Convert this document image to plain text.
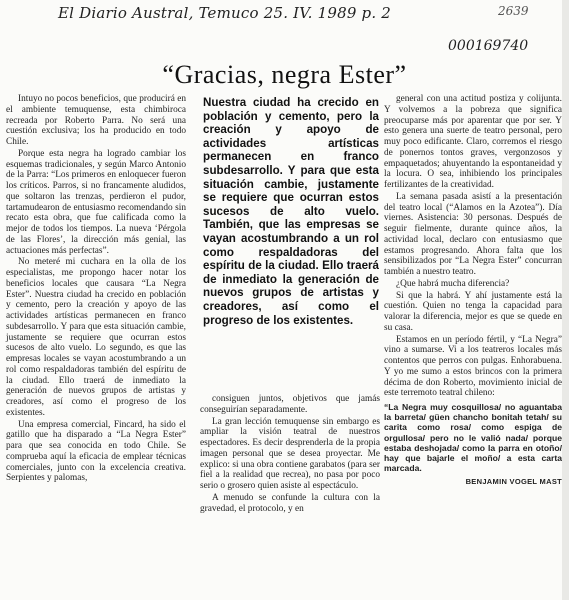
El Diario Austral, Temuco 25. IV. 1989 p. 2	2639
000169740
“Gracias, negra Ester”

Intuyo no pocos beneficios, que producirá en el ambiente temuquense, esta chimbiroca recreada por Roberto Parra. No será una cuestión exclusiva; los ha producido en todo Chile.

Porque esta negra ha logrado cambiar los esquemas tradicionales, y según Marco Antonio de la Parra: “Los primeros en enloquecer fueron los críticos. Parros, si no francamente aludidos, que soltaron las trenzas, perdieron el pudor, tartamudearon de entusiasmo recomendando sin recato esta obra, que fue calificada como la mejor de todos los tiempos. La nueva ‘Pérgola de las Flores’, la dirección más genial, las actuaciones más perfectas”.

No meteré mi cuchara en la olla de los especialistas, me propongo hacer notar los beneficios locales que causara “La Negra Ester”. Nuestra ciudad ha crecido en población y cemento, pero la creación y apoyo de las actividades artísticas permanecen en franco subdesarrollo. Y para que esta situación cambie, justamente se requiere que ocurran estos sucesos de alto vuelo. Lo segundo, es que las empresas locales se vayan acostumbrando a un rol como respaldadoras también del espíritu de la ciudad. Ello traerá de inmediato la generación de nuevos grupos de artistas y creadores, así como el progreso de los existentes.

Una empresa comercial, Fincard, ha sido el gatillo que ha disparado a “La Negra Ester” para que sea conocida en todo Chile. Se comprueba aquí la eficacia de emplear técnicas comerciales, junto con la excelencia creativa. Serpientes y palomas,

Nuestra ciudad ha crecido en población y cemento, pero la creación y apoyo de actividades artísticas permanecen en franco subdesarrollo. Y para que esta situación cambie, justamente se requiere que ocurran estos sucesos de alto vuelo. También, que las empresas se vayan acostumbrando a un rol como respaldadoras del espíritu de la ciudad. Ello traerá de inmediato la generación de nuevos grupos de artistas y creadores, así como el progreso de los existentes.

consiguen juntos, objetivos que jamás conseguirían separadamente.

La gran lección temuquense sin embargo es ampliar la visión teatral de nuestros espectadores. Es decir desprenderla de la propia imagen personal que se desea proyectar. Me explico: si una obra contiene garabatos (para ser fiel a la realidad que recrea), no pasa por poco serio o grosero quien asiste al espectáculo.

A menudo se confunde la cultura con la gravedad, el protocolo, y en

general con una actitud postiza y colijunta. Y volvemos a la pobreza que significa preocuparse más por aparentar que por ser. Y esto genera una suerte de teatro personal, pero muy poco edificante. Claro, corremos el riesgo de ponernos tontos graves, vergonzosos y empaquetados; ahuyentando la espontaneidad y la locura. O sea, inhibiendo los principales fertilizantes de la creatividad.

La semana pasada asistí a la presentación del teatro local (“Alamos en la Azotea”). Día viernes. Asistencia: 30 personas. Después de seguir fielmente, durante quince años, la actividad local, declaro con entusiasmo que estamos progresando. Ahora falta que los sensibilizados por “La Negra Ester” concurran también a nuestro teatro.

¿Que habrá mucha diferencia?

Si que la habrá. Y ahí justamente está la cuestión. Quien no tenga la capacidad para valorar la diferencia, mejor es que se quede en su casa.

Estamos en un período fértil, y “La Negra” vino a sumarse. Vi a los teatreros locales más contentos que perros con pulgas. Enhorabuena. Y yo me sumo a estos brincos con la primera décima de don Roberto, movimiento inicial de este terremoto teatral chileno:

“La Negra muy cosquillosa/ no aguantaba la barreta/ güen chancho bonitah tetah/ su carita como rosa/ como espiga de orgullosa/ pero no le valió nada/ porque estaba deshojada/ como la parra en otoño/ hay que bajarle el moño/ a esta carta marcada.
BENJAMIN VOGEL MAST
